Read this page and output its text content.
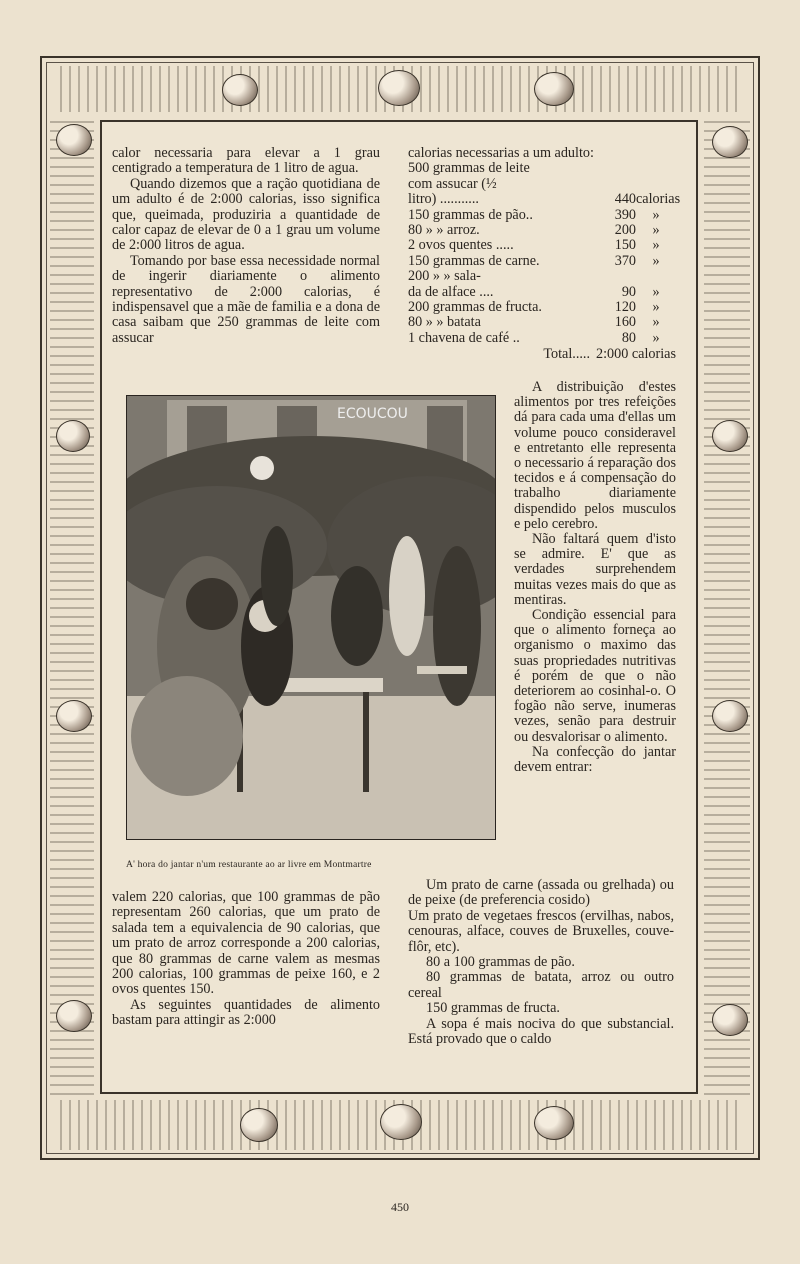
calor necessaria para elevar a 1 grau centigrado a temperatura de 1 litro de agua.

Quando dizemos que a ração quotidiana de um adulto é de 2:000 calorias, isso significa que, queimada, produziria a quantidade de calor capaz de elevar de 0 a 1 grau um volume de 2:000 litros de agua.

Tomando por base essa necessidade normal de ingerir diariamente o alimento representativo de 2:000 calorias, é indispensavel que a mãe de familia e a dona de casa saibam que 250 grammas de leite com assucar

calorias necessarias a um adulto:
500 grammas de leite
com assucar (½
litro) ...........	440 calorias
150 grammas de pão..	390	»
80 » » arroz.	200	»
2 ovos quentes .....	150	»
150 grammas de carne.	370	»
200 » » sala-
da de alface ....	90	»
200 grammas de fructa.	120	»
80 » » batata	160	»
1 chavena de café ..	80	»
Total..... 2:000 calorias

A distribuição d'estes alimentos por tres refeições dá para cada uma d'ellas um volume pouco consideravel e entretanto elle representa o necessario á reparação dos tecidos e á compensação do trabalho diariamente dispendido pelos musculos e pelo cerebro.

Não faltará quem d'isto se admire. E' que as verdades surprehendem muitas vezes mais do que as mentiras.

Condição essencial para que o alimento forneça ao organismo o maximo das suas propriedades nutritivas é porém de que o não deteriorem ao cosinhal-o. O fogão não serve, inumeras vezes, senão para destruir ou desvalorisar o alimento.

Na confecção do jantar devem entrar:

ECOUCOU
A' hora do jantar n'um restaurante ao ar livre em Montmartre

valem 220 calorias, que 100 grammas de pão representam 260 calorias, que um prato de salada tem a equivalencia de 90 calorias, que um prato de arroz corresponde a 200 calorias, que 80 grammas de carne valem as mesmas 200 calorias, 100 grammas de peixe 160, e 2 ovos quentes 150.

As seguintes quantidades de alimento bastam para attingir as 2:000

Um prato de carne (assada ou grelhada) ou de peixe (de preferencia cosido)

Um prato de vegetaes frescos (ervilhas, nabos, cenouras, alface, couves de Bruxelles, couve-flôr, etc).

80 a 100 grammas de pão.

80 grammas de batata, arroz ou outro cereal

150 grammas de fructa.

A sopa é mais nociva do que substancial. Está provado que o caldo

450
